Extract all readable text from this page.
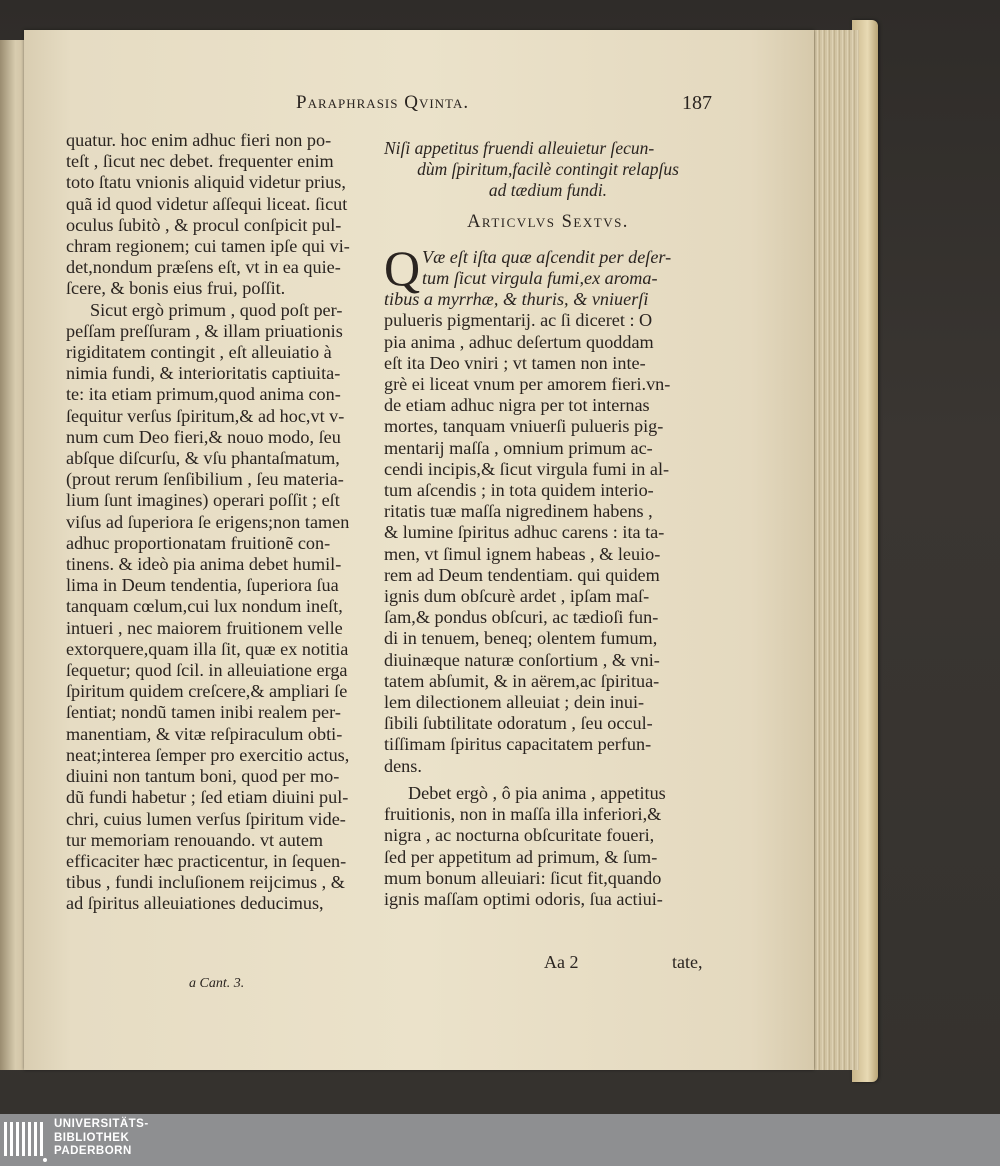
Paraphrasis Qvinta.	187
quatur. hoc enim adhuc fieri non po-
teſt , ſicut nec debet. frequenter enim
toto ſtatu vnionis aliquid videtur prius,
quã id quod videtur aſſequi liceat. ſicut
oculus ſubitò , & procul conſpicit pul-
chram regionem; cui tamen ipſe qui vi-
det,nondum præſens eſt, vt in ea quie-
ſcere, & bonis eius frui, poſſit.
Sicut ergò primum , quod poſt per-
peſſam preſſuram , & illam priuationis
rigiditatem contingit , eſt alleuiatio à
nimia fundi, & interioritatis captiuita-
te: ita etiam primum,quod anima con-
ſequitur verſus ſpiritum,& ad hoc,vt v-
num cum Deo fieri,& nouo modo, ſeu
abſque diſcurſu, & vſu phantaſmatum,
(prout rerum ſenſibilium , ſeu materia-
lium ſunt imagines) operari poſſit ; eſt
viſus ad ſuperiora ſe erigens;non tamen
adhuc proportionatam fruitionẽ con-
tinens. & ideò pia anima debet humil-
lima in Deum tendentia, ſuperiora ſua
tanquam cœlum,cui lux nondum ineſt,
intueri , nec maiorem fruitionem velle
extorquere,quam illa ſit, quæ ex notitia
ſequetur; quod ſcil. in alleuiatione erga
ſpiritum quidem creſcere,& ampliari ſe
ſentiat; nondũ tamen inibi realem per-
manentiam, & vitæ reſpiraculum obti-
neat;interea ſemper pro exercitio actus,
diuini non tantum boni, quod per mo-
dũ fundi habetur ; ſed etiam diuini pul-
chri, cuius lumen verſus ſpiritum vide-
tur memoriam renouando. vt autem
efficaciter hæc practicentur, in ſequen-
tibus , fundi incluſionem reijcimus , &
ad ſpiritus alleuiationes deducimus,
Niſi appetitus fruendi alleuietur ſecun-
dùm ſpiritum,facilè contingit relapſus
ad tædium fundi.
Articvlvs Sextvs.
Q Væ eſt iſta quæ aſcendit per deſer-
tum ſicut virgula fumi,ex aroma-
tibus a myrrhæ, & thuris, & vniuerſi
pulueris pigmentarij. ac ſi diceret : O
pia anima , adhuc deſertum quoddam
eſt ita Deo vniri ; vt tamen non inte-
grè ei liceat vnum per amorem fieri.vn-
de etiam adhuc nigra per tot internas
mortes, tanquam vniuerſi pulueris pig-
mentarij maſſa , omnium primum ac-
cendi incipis,& ſicut virgula fumi in al-
tum aſcendis ; in tota quidem interio-
ritatis tuæ maſſa nigredinem habens ,
& lumine ſpiritus adhuc carens : ita ta-
men, vt ſimul ignem habeas , & leuio-
rem ad Deum tendentiam. qui quidem
ignis dum obſcurè ardet , ipſam maſ-
ſam,& pondus obſcuri, ac tædioſi fun-
di in tenuem, beneq; olentem fumum,
diuinæque naturæ conſortium , & vni-
tatem abſumit, & in aërem,ac ſpiritua-
lem dilectionem alleuiat ; dein inui-
ſibili ſubtilitate odoratum , ſeu occul-
tiſſimam ſpiritus capacitatem perfun-
dens.
Debet ergò , ô pia anima , appetitus
fruitionis, non in maſſa illa inferiori,&
nigra , ac nocturna obſcuritate foueri,
ſed per appetitum ad primum, & ſum-
mum bonum alleuiari: ſicut fit,quando
ignis maſſam optimi odoris, ſua actiui-
Aa 2	tate,
a Cant. 3.
UNIVERSITÄTS-
BIBLIOTHEK
PADERBORN
